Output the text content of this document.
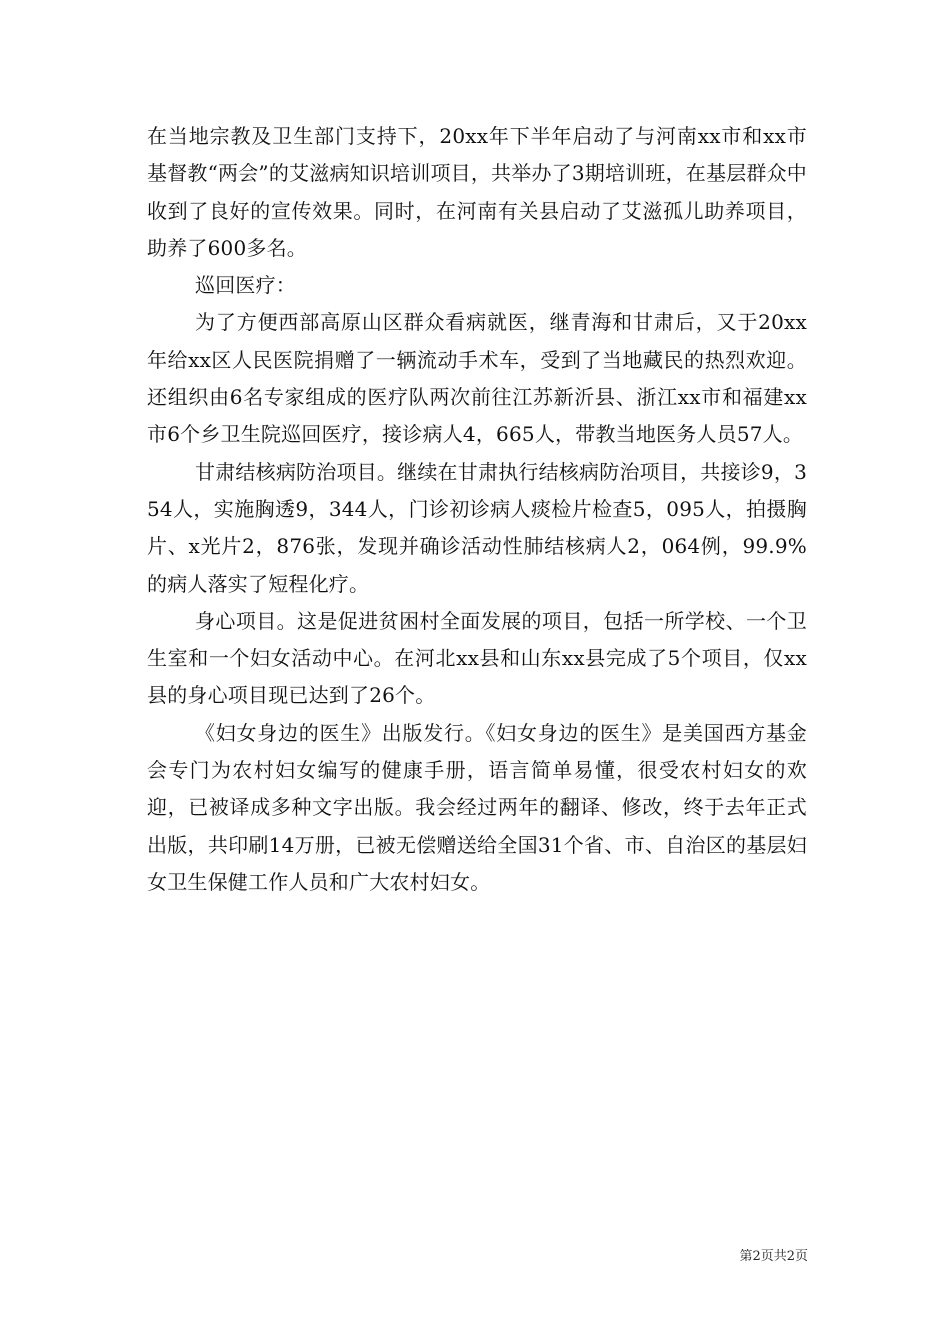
在当地宗教及卫生部门支持下，20xx年下半年启动了与河南xx市和xx市基督教“两会”的艾滋病知识培训项目，共举办了3期培训班，在基层群众中收到了良好的宣传效果。同时，在河南有关县启动了艾滋孤儿助养项目，助养了600多名。

巡回医疗：

为了方便西部高原山区群众看病就医，继青海和甘肃后，又于20xx年给xx区人民医院捐赠了一辆流动手术车，受到了当地藏民的热烈欢迎。还组织由6名专家组成的医疗队两次前往江苏新沂县、浙江xx市和福建xx市6个乡卫生院巡回医疗，接诊病人4，665人，带教当地医务人员57人。

甘肃结核病防治项目。继续在甘肃执行结核病防治项目，共接诊9，354人，实施胸透9，344人，门诊初诊病人痰检片检查5，095人，拍摄胸片、x光片2，876张，发现并确诊活动性肺结核病人2，064例，99.9%的病人落实了短程化疗。

身心项目。这是促进贫困村全面发展的项目，包括一所学校、一个卫生室和一个妇女活动中心。在河北xx县和山东xx县完成了5个项目，仅xx县的身心项目现已达到了26个。

《妇女身边的医生》出版发行。《妇女身边的医生》是美国西方基金会专门为农村妇女编写的健康手册，语言简单易懂，很受农村妇女的欢迎，已被译成多种文字出版。我会经过两年的翻译、修改，终于去年正式出版，共印刷14万册，已被无偿赠送给全国31个省、市、自治区的基层妇女卫生保健工作人员和广大农村妇女。

第2页共2页
